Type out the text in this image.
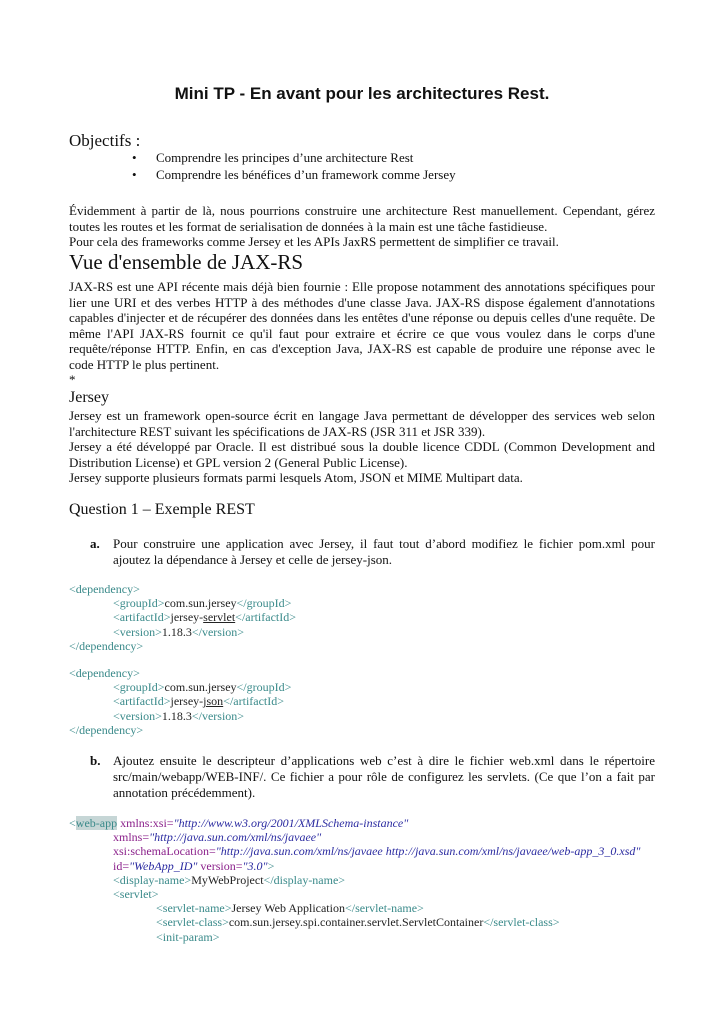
Mini TP - En avant pour les architectures Rest.
Objectifs :
• Comprendre les principes d’une architecture Rest
• Comprendre les bénéfices d’un framework comme Jersey

Évidemment à partir de là, nous pourrions construire une architecture Rest manuellement. Cependant, gérez toutes les routes et les format de serialisation de données à la main est une tâche fastidieuse.

Pour cela des frameworks comme Jersey et les APIs JaxRS permettent de simplifier ce travail.

Vue d'ensemble de JAX-RS

JAX-RS est une API récente mais déjà bien fournie : Elle propose notamment des annotations spécifiques pour lier une URI et des verbes HTTP à des méthodes d'une classe Java. JAX-RS dispose également d'annotations capables d'injecter et de récupérer des données dans les entêtes d'une réponse ou depuis celles d'une requête. De même l'API JAX-RS fournit ce qu'il faut pour extraire et écrire ce que vous voulez dans le corps d'une requête/réponse HTTP. Enfin, en cas d'exception Java, JAX-RS est capable de produire une réponse avec le code HTTP le plus pertinent.

*

Jersey

Jersey est un framework open-source écrit en langage Java permettant de développer des services web selon l'architecture REST suivant les spécifications de JAX-RS (JSR 311 et JSR 339).

Jersey a été développé par Oracle. Il est distribué sous la double licence CDDL (Common Development and Distribution License) et GPL version 2 (General Public License).

Jersey supporte plusieurs formats parmi lesquels Atom, JSON et MIME Multipart data.

Question 1 – Exemple REST
a.	Pour construire une application avec Jersey, il faut tout d’abord modifiez le fichier pom.xml pour ajoutez la dépendance à Jersey et celle de jersey-json.
<dependency>
<groupId>com.sun.jersey</groupId>
<artifactId>jersey-servlet</artifactId>
<version>1.18.3</version>
</dependency>
<dependency>
<groupId>com.sun.jersey</groupId>
<artifactId>jersey-json</artifactId>
<version>1.18.3</version>
</dependency>
b. Ajoutez ensuite le descripteur d’applications web c’est à dire le fichier web.xml dans le répertoire src/main/webapp/WEB-INF/. Ce fichier a pour rôle de configurez les servlets. (Ce que l’on a fait par annotation précédemment).
<web-app xmlns:xsi="http://www.w3.org/2001/XMLSchema-instance"
xmlns="http://java.sun.com/xml/ns/javaee"
xsi:schemaLocation="http://java.sun.com/xml/ns/javaee http://java.sun.com/xml/ns/javaee/web-app_3_0.xsd"
id="WebApp_ID" version="3.0">
<display-name>MyWebProject</display-name>
<servlet>
<servlet-name>Jersey Web Application</servlet-name>
<servlet-class>com.sun.jersey.spi.container.servlet.ServletContainer</servlet-class>
<init-param>
